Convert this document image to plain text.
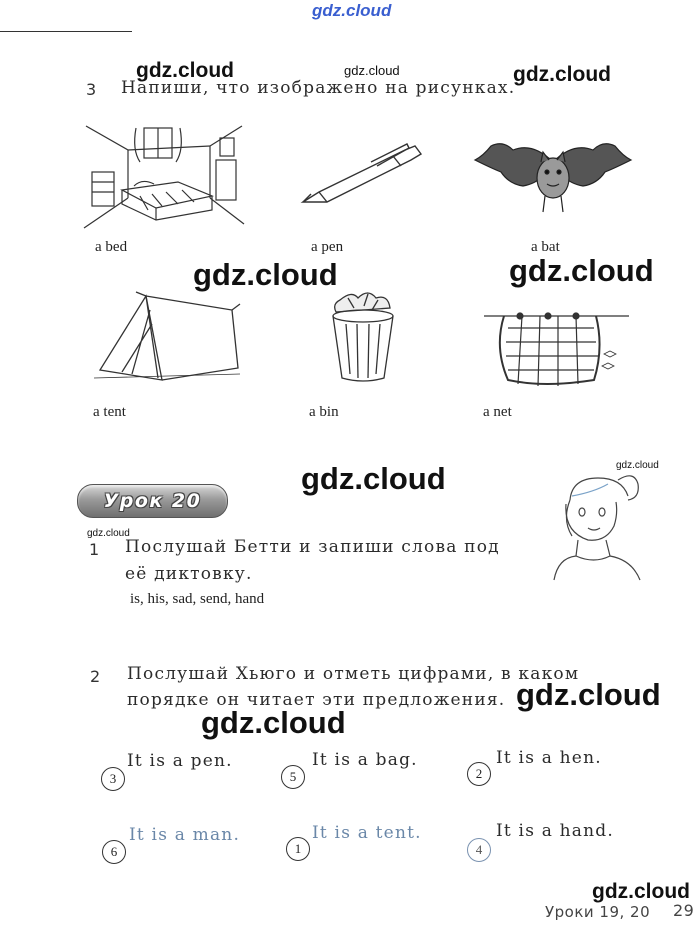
gdz.cloud
gdz.cloud	gdz.cloud	gdz.cloud
gdz.cloud	gdz.cloud
gdz.cloud	gdz.cloud
gdz.cloud
gdz.cloud
gdz.cloud
gdz.cloud
3 Напиши, что изображено на рисунках.
a bed	a pen	a bat
a tent	a bin	a net
Урок 20
1 Послушай Бетти и запиши слова под
её диктовку.
is, his, sad, send, hand
2 Послушай Хьюго и отметь цифрами, в каком
порядке он читает эти предложения.
It is a pen.
3
It is a bag.
5
It is a hen.
2
It is a man.
6
It is a tent.
1
It is a hand.
4
Уроки 19, 20 29
